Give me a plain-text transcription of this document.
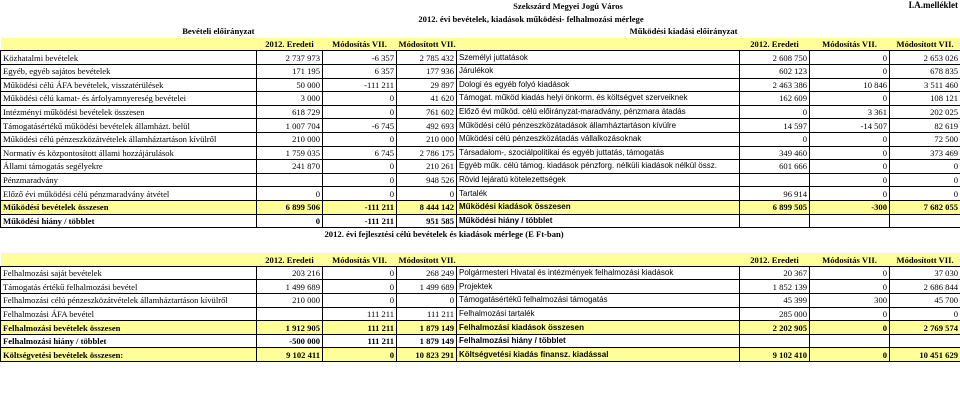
I.A.melléklet
			Szekszárd Megyei Jogú Város				
		2012. évi bevételek, kiadások működési- felhalmozási mérlege					
Bevételi előirányzat				Működési kiadási előirányzat			
	2012. Eredeti	Módosítás VII.	Módosított VII.		2012. Eredeti	Módosítás VII.	Módosított VII.
Közhatalmi bevételek	2 737 973	-6 357	2 785 432	Személyi juttatások	2 608 750	0	2 653 026
Egyéb, egyéb sajátos bevételek	171 195	6 357	177 936	Járulékok	602 123	0	678 835
Működési célú ÁFA bevételek, visszatérülések	50 000	-111 211	29 897	Dologi és egyéb folyó kiadások	2 463 386	10 846	3 511 460
Működési célú kamat- és árfolyamnyereség bevételei	3 000	0	41 620	Támogat. működ kiadás helyi önkorm. és költségvet szerveiknek	162 609	0	108 121
Intézményi működési bevételek összesen	618 729	0	761 602	Előző évi működ. célú előirányzat-maradvány, pénzmara átadás	0	3 361	202 025
Támogatásértékű működési bevételek államházt. belül	1 007 704	-6 745	492 693	Működési célú pénzeszközátadások államháztartáson kívülre	14 597	-14 507	82 619
Működési célú pénzeszközátvételek államháztartáson kívülről	210 000	0	210 000	Működési célú pénzeszközátadás vállalkozásoknak	0	0	72 500
Normatív és központosított állami hozzájárulások	1 759 035	6 745	2 786 175	Társadalom-, szociálpolitikai és egyéb juttatás, támogatás	349 460	0	373 469
Állami támogatás segélyekre	241 870	0	210 261	Egyéb műk. célú támog. kiadások pénzforg. nélküli kiadások nélkül össz.	601 666	0	0
Pénzmaradvány		0	948 526	Rövid lejáratú kötelezettségek		0	0
Előző évi működési célú pénzmaradvány átvétel	0	0	0	Tartalék	96 914	0	0
Működési bevételek összesen	6 899 506	-111 211	8 444 142	Működési kiadások összesen	6 899 505	-300	7 682 055
Működési hiány / többlet	0	-111 211	951 585	Működési hiány / többlet			
		2012. évi fejlesztési célú bevételek és kiadások mérlege (E Ft-ban)					

	2012. Eredeti	Módosítás VII.	Módosított VII.		2012. Eredeti	Módosítás VII.	Módosított VII.
Felhalmozási saját bevételek	203 216	0	268 249	Polgármesteri Hivatal és intézmények felhalmozási kiadások	20 367	0	37 030
Támogatás értékű felhalmozási bevétel	1 499 689	0	1 499 689	Projektek	1 852 139	0	2 686 844
Felhalmozási célú pénzeszközátvételek államháztartáson kívülről	210 000	0	0	Támogatásértékű felhalmozási támogatás	45 399	300	45 700
Felhalmozási ÁFA bevétel		111 211	111 211	Felhalmozási tartalék	285 000	0	0
Felhalmozási bevételek összesen	1 912 905	111 211	1 879 149	Felhalmozási kiadások összesen	2 202 905	0	2 769 574
Felhalmozási hiány / többlet	-500 000	111 211	1 879 149	Felhalmozási hiány / többlet			
Költségvetési bevételek összesen:	9 102 411	0	10 823 291	Költségvetési kiadás finansz. kiadással	9 102 410	0	10 451 629
